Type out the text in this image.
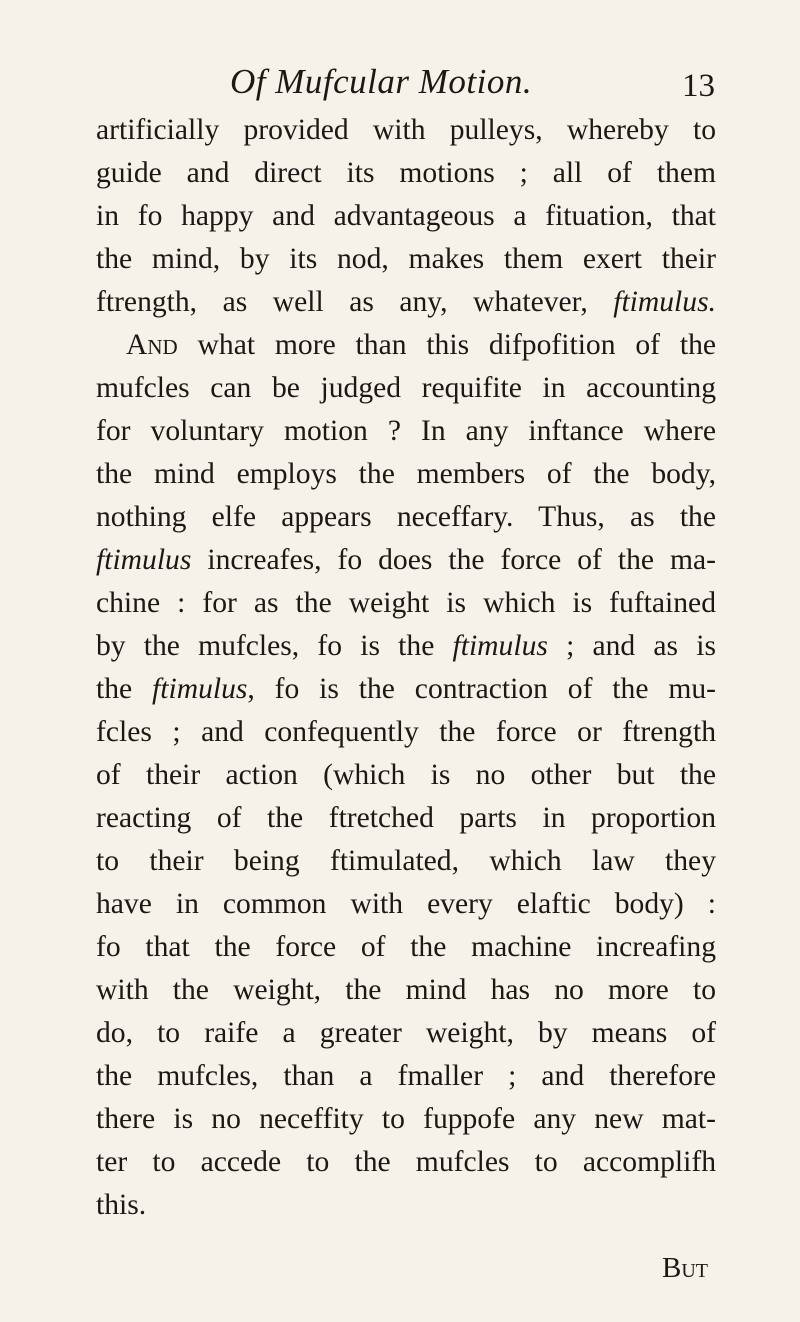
Of Mufcular Motion.	13
artificially provided with pulleys, whereby to
guide and direct its motions ; all of them
in fo happy and advantageous a fituation, that
the mind, by its nod, makes them exert their
ftrength, as well as any, whatever, ftimulus.
And what more than this difpofition of the
mufcles can be judged requifite in accounting
for voluntary motion ? In any inftance where
the mind employs the members of the body,
nothing elfe appears neceffary. Thus, as the
ftimulus increafes, fo does the force of the ma-
chine : for as the weight is which is fuftained
by the mufcles, fo is the ftimulus ; and as is
the ftimulus, fo is the contraction of the mu-
fcles ; and confequently the force or ftrength
of their action (which is no other but the
reacting of the ftretched parts in proportion
to their being ftimulated, which law they
have in common with every elaftic body) :
fo that the force of the machine increafing
with the weight, the mind has no more to
do, to raife a greater weight, by means of
the mufcles, than a fmaller ; and therefore
there is no neceffity to fuppofe any new mat-
ter to accede to the mufcles to accomplifh
this.
But
